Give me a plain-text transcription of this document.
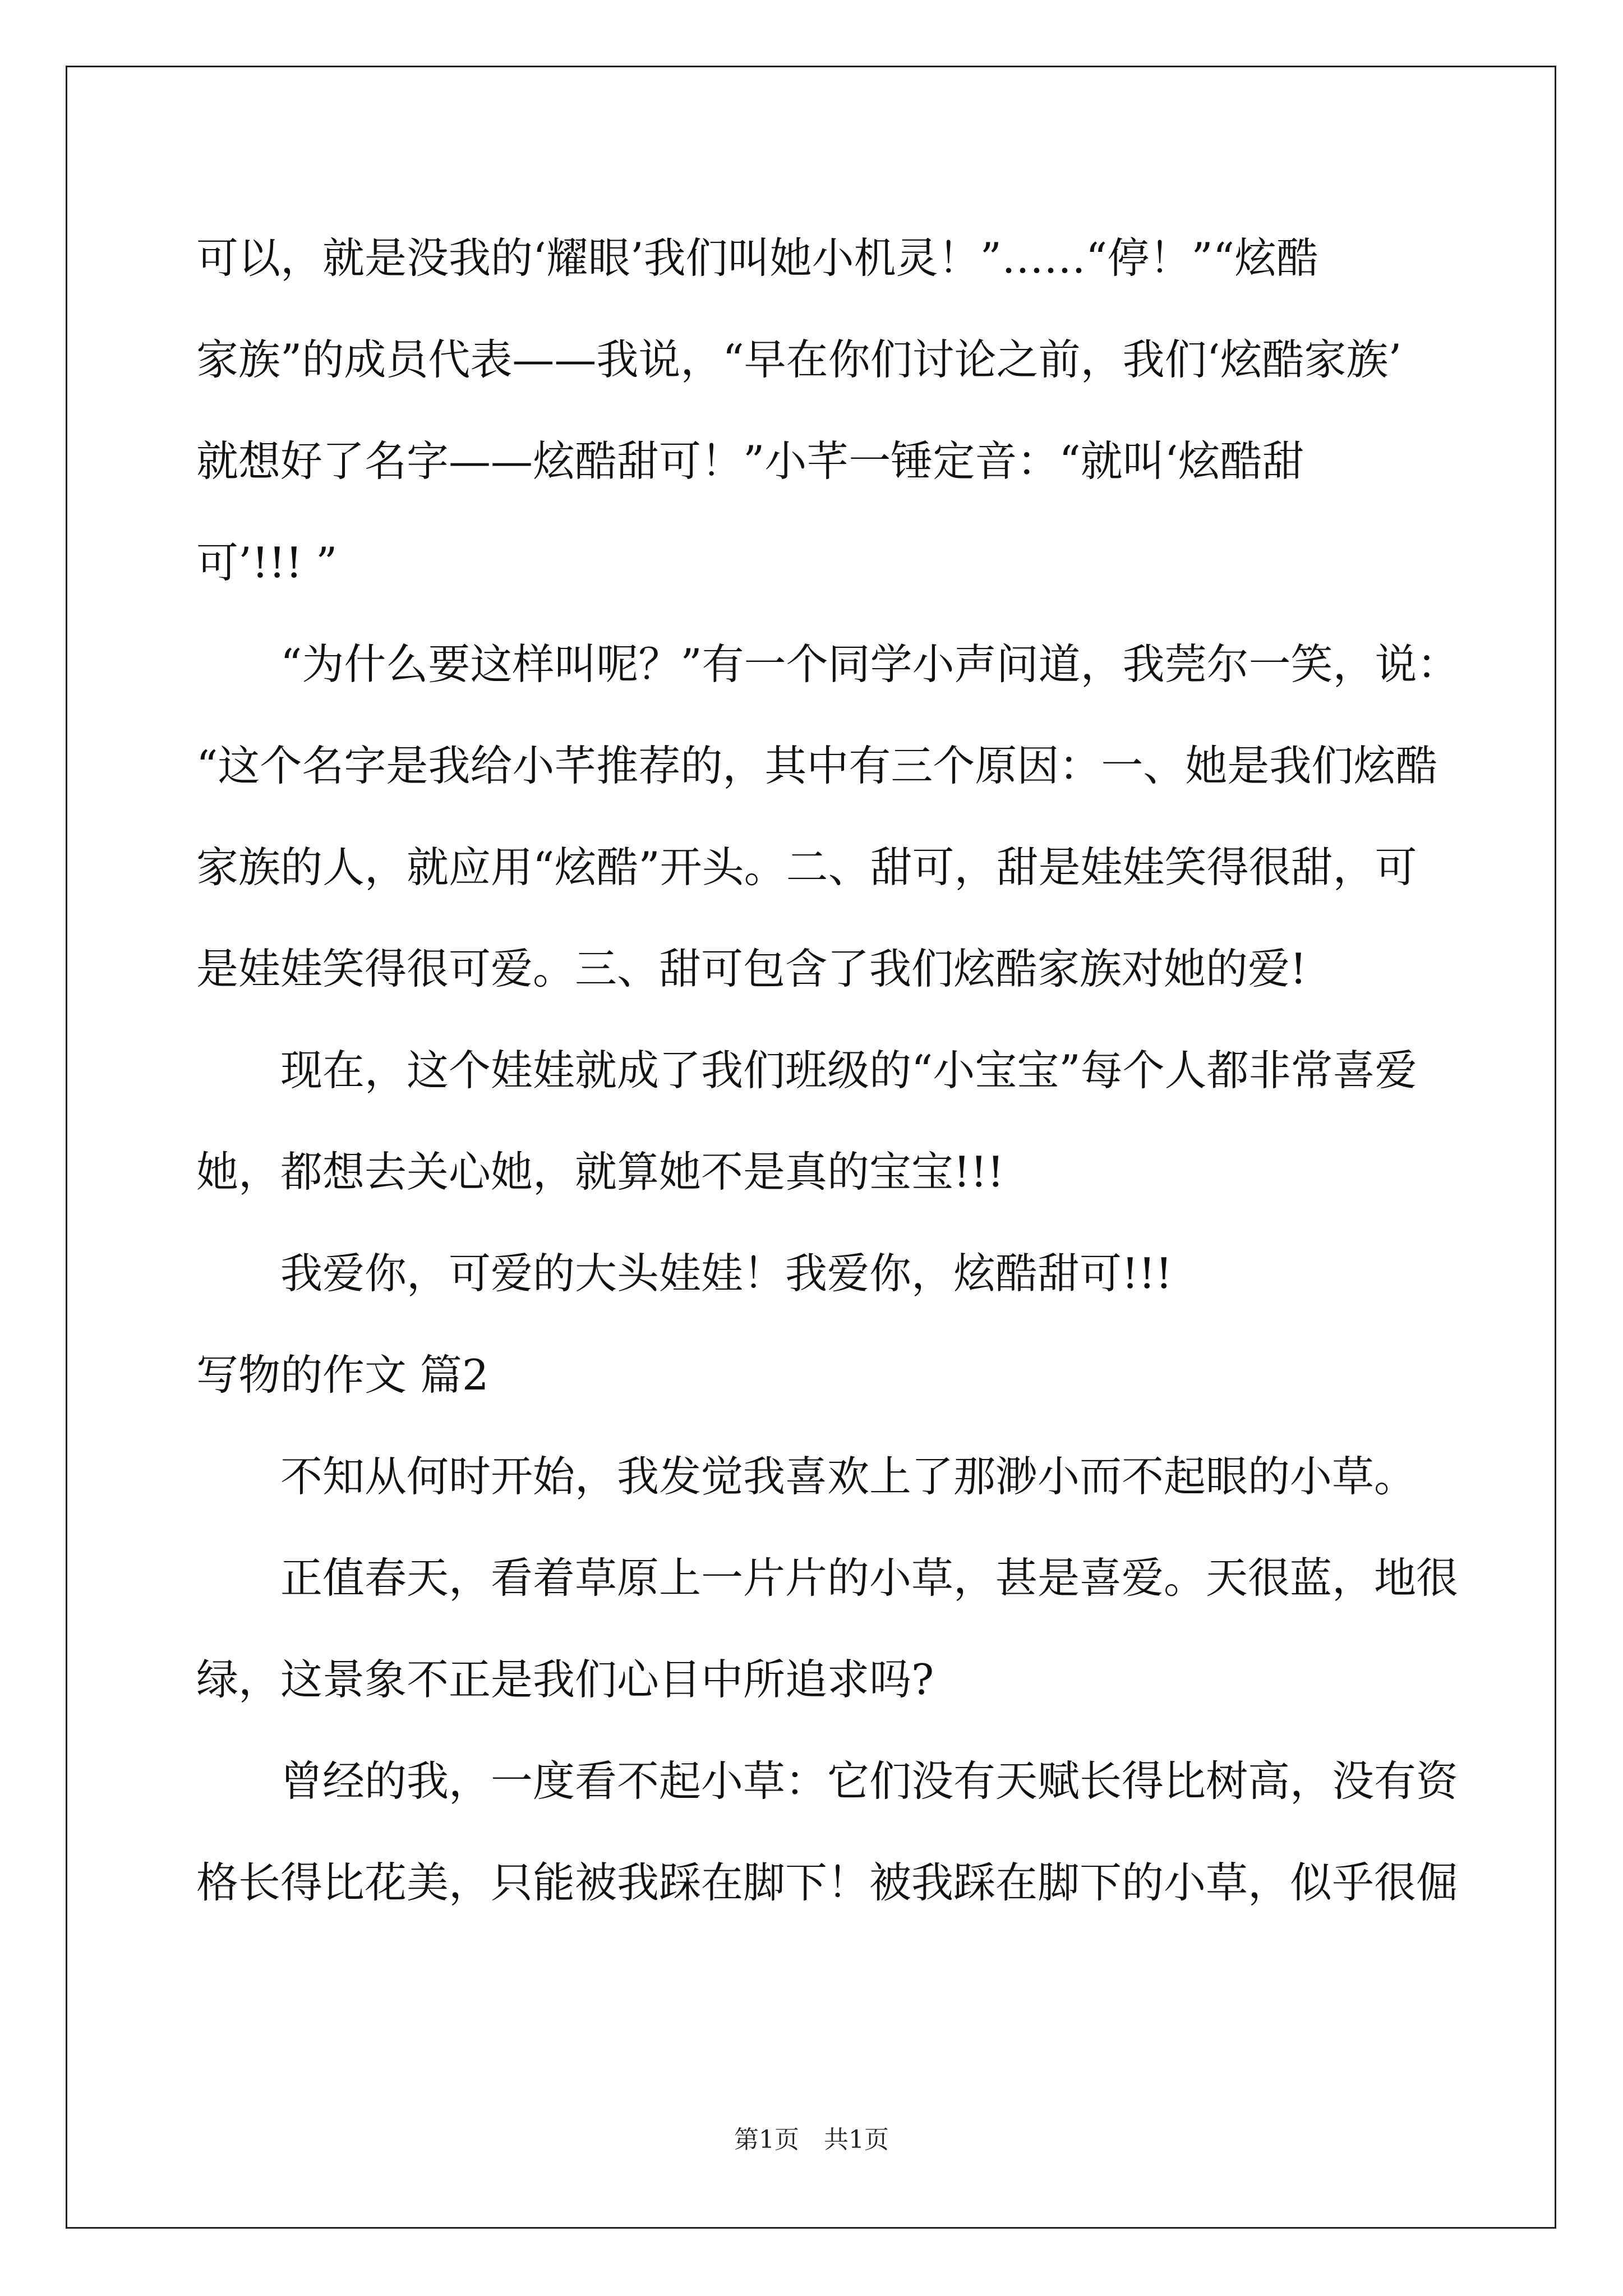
可以，就是没我的‘耀眼’我们叫她小机灵！”……“停！”“炫酷
家族”的成员代表——我说，“早在你们讨论之前，我们‘炫酷家族’
就想好了名字——炫酷甜可！”小芊一锤定音：“就叫‘炫酷甜
可’!!! ”
“为什么要这样叫呢？”有一个同学小声问道，我莞尔一笑，说：
“这个名字是我给小芊推荐的，其中有三个原因：一、她是我们炫酷
家族的人，就应用“炫酷”开头。二、甜可，甜是娃娃笑得很甜，可
是娃娃笑得很可爱。三、甜可包含了我们炫酷家族对她的爱!
现在，这个娃娃就成了我们班级的“小宝宝”每个人都非常喜爱
她，都想去关心她，就算她不是真的宝宝!!!
我爱你，可爱的大头娃娃！我爱你，炫酷甜可!!!
写物的作文 篇2
不知从何时开始，我发觉我喜欢上了那渺小而不起眼的小草。
正值春天，看着草原上一片片的小草，甚是喜爱。天很蓝，地很
绿，这景象不正是我们心目中所追求吗?
曾经的我，一度看不起小草：它们没有天赋长得比树高，没有资
格长得比花美，只能被我踩在脚下！被我踩在脚下的小草，似乎很倔
第1页　共1页
